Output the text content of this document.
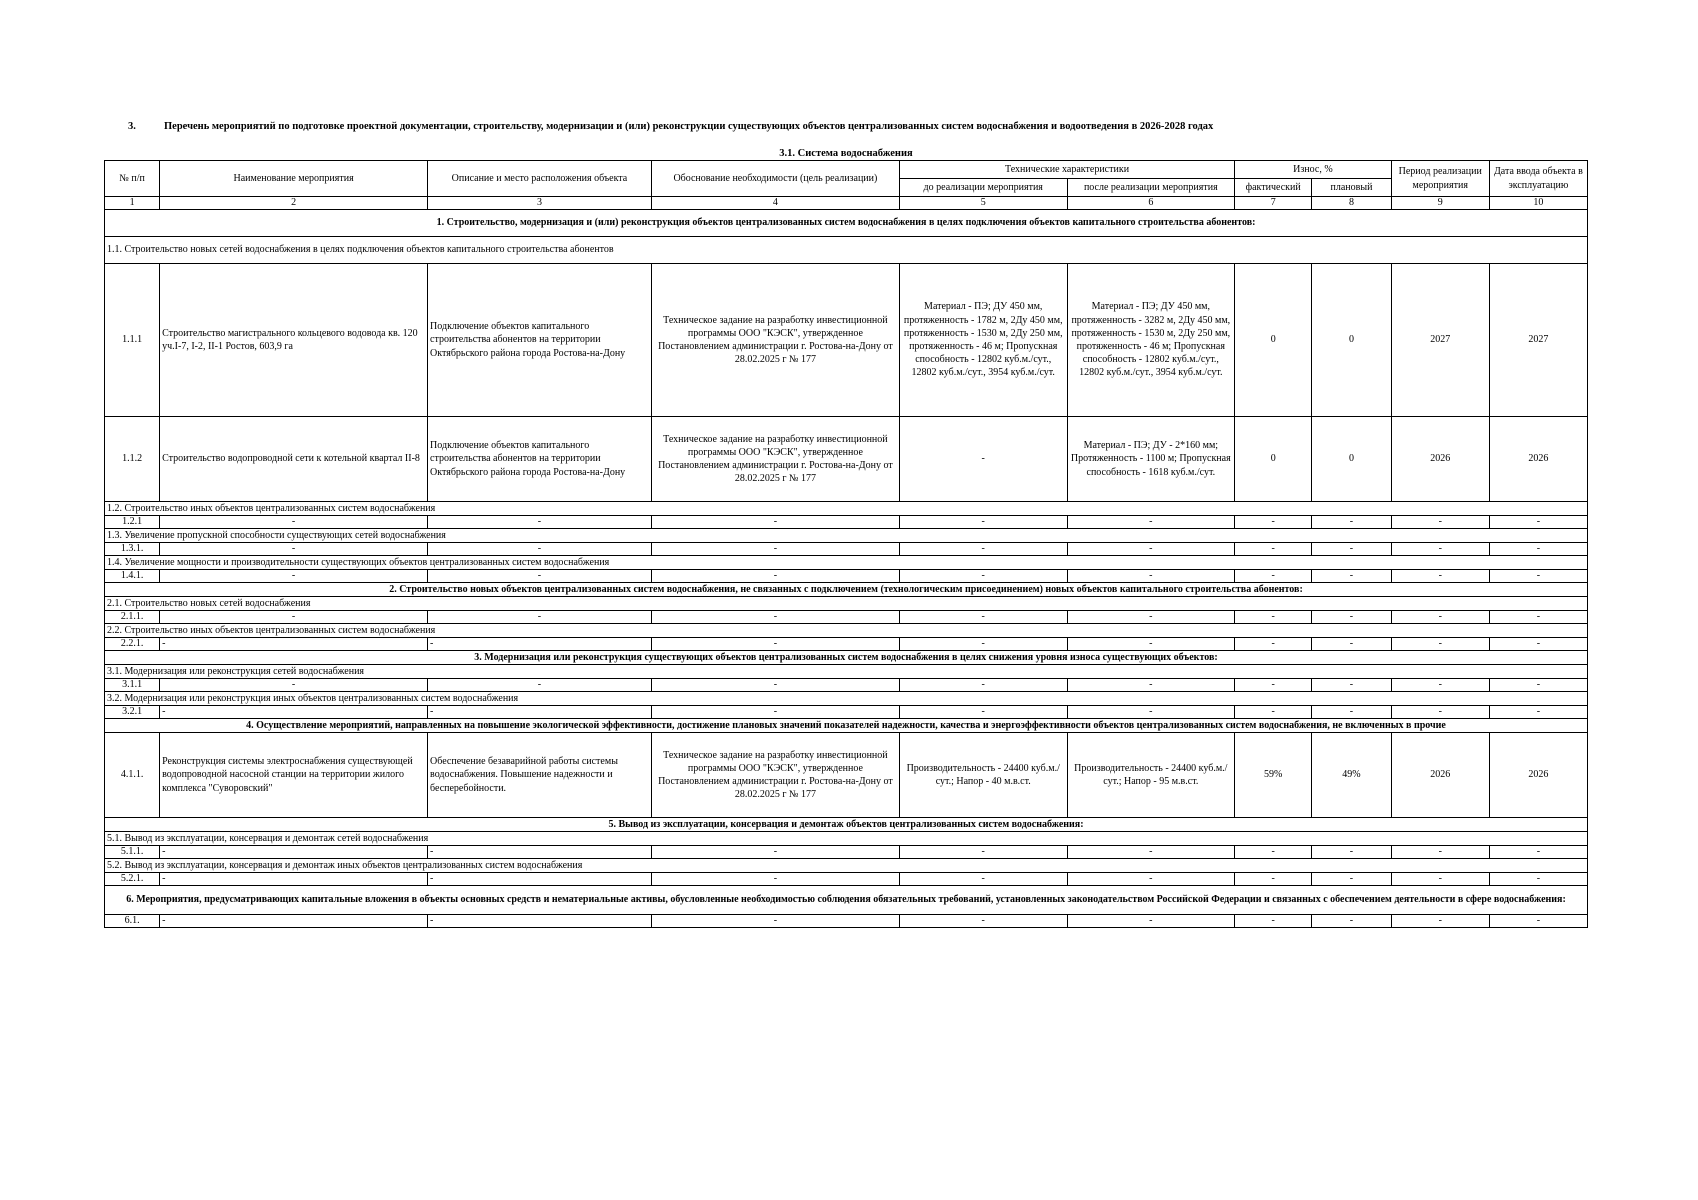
3.	Перечень мероприятий по подготовке проектной документации, строительству, модернизации и (или) реконструкции существующих объектов централизованных систем водоснабжения и водоотведения в 2026-2028 годах
3.1. Система водоснабжения
№ п/п	Наименование мероприятия	Описание и место расположения объекта	Обоснование необходимости (цель реализации)	Технические характеристики		Износ, %		Период реализации мероприятия	Дата ввода объекта в эксплуатацию
				до реализации мероприятия	после реализации мероприятия	фактический	плановый		
1	2	3	4	5	6	7	8	9	10
1. Строительство, модернизация и (или) реконструкция объектов централизованных систем водоснабжения в целях подключения объектов капитального строительства абонентов:									
1.1. Строительство новых сетей водоснабжения в целях подключения объектов капитального строительства абонентов									
1.1.1	Строительство магистрального кольцевого водовода кв. 120 уч.І-7, І-2, ІІ-1 Ростов, 603,9 га	Подключение объектов капитального строительства абонентов на территории Октябрьского района города Ростова-на-Дону	Техническое задание на разработку инвестиционной программы ООО "КЭСК", утвержденное Постановлением администрации г. Ростова-на-Дону от 28.02.2025 г № 177	Материал - ПЭ; ДУ 450 мм, протяженность - 1782 м, 2Ду 450 мм, протяженность - 1530 м, 2Ду 250 мм, протяженность - 46 м; Пропускная способность - 12802 куб.м./сут., 12802 куб.м./сут., 3954 куб.м./сут.	Материал - ПЭ; ДУ 450 мм, протяженность - 3282 м, 2Ду 450 мм, протяженность - 1530 м, 2Ду 250 мм, протяженность - 46 м; Пропускная способность - 12802 куб.м./сут., 12802 куб.м./сут., 3954 куб.м./сут.	0	0	2027	2027
1.1.2	Строительство водопроводной сети к котельной квартал ІІ-8	Подключение объектов капитального строительства абонентов на территории Октябрьского района города Ростова-на-Дону	Техническое задание на разработку инвестиционной программы ООО "КЭСК", утвержденное Постановлением администрации г. Ростова-на-Дону от 28.02.2025 г № 177	-	Материал - ПЭ; ДУ - 2*160 мм; Протяженность - 1100 м; Пропускная способность - 1618 куб.м./сут.	0	0	2026	2026
1.2. Строительство иных объектов централизованных систем водоснабжения									
1.2.1	-	-	-	-	-	-	-	-	-
1.3. Увеличение пропускной способности существующих сетей водоснабжения									
1.3.1.	-	-	-	-	-	-	-	-	-
1.4. Увеличение мощности и производительности существующих объектов централизованных систем водоснабжения									
1.4.1.	-	-	-	-	-	-	-	-	-
2. Строительство новых объектов централизованных систем водоснабжения, не связанных с подключением (технологическим присоединением) новых объектов капитального строительства абонентов:									
2.1. Строительство новых сетей водоснабжения									
2.1.1.	-	-	-	-	-	-	-	-	-
2.2. Строительство иных объектов централизованных систем водоснабжения									
2.2.1.	-	-	-	-	-	-	-	-	-
3. Модернизация или реконструкция существующих объектов централизованных систем водоснабжения в целях снижения уровня износа существующих объектов:									
3.1. Модернизация или реконструкция сетей водоснабжения									
3.1.1	-	-	-	-	-	-	-	-	-
3.2. Модернизация или реконструкция иных объектов централизованных систем водоснабжения									
3.2.1	-	-	-	-	-	-	-	-	-
4. Осуществление мероприятий, направленных на повышение экологической эффективности, достижение плановых значений показателей надежности, качества и энергоэффективности объектов централизованных систем водоснабжения, не включенных в прочие									
4.1.1.	Реконструкция системы электроснабжения существующей водопроводной насосной станции на территории жилого комплекса "Суворовский"	Обеспечение безаварийной работы системы водоснабжения. Повышение надежности и бесперебойности.	Техническое задание на разработку инвестиционной программы ООО "КЭСК", утвержденное Постановлением администрации г. Ростова-на-Дону от 28.02.2025 г № 177	Производительность - 24400 куб.м./сут.; Напор - 40 м.в.ст.	Производительность - 24400 куб.м./сут.; Напор - 95 м.в.ст.	59%	49%	2026	2026
5. Вывод из эксплуатации, консервация и демонтаж объектов централизованных систем водоснабжения:									
5.1. Вывод из эксплуатации, консервация и демонтаж сетей водоснабжения									
5.1.1.	-	-	-	-	-	-	-	-	-
5.2. Вывод из эксплуатации, консервация и демонтаж иных объектов централизованных систем водоснабжения									
5.2.1.	-	-	-	-	-	-	-	-	-
6. Мероприятия, предусматривающих капитальные вложения в объекты основных средств и нематериальные активы, обусловленные необходимостью соблюдения обязательных требований, установленных законодательством Российской Федерации и связанных с обеспечением деятельности в сфере водоснабжения:									
6.1.	-	-	-	-	-	-	-	-	-
